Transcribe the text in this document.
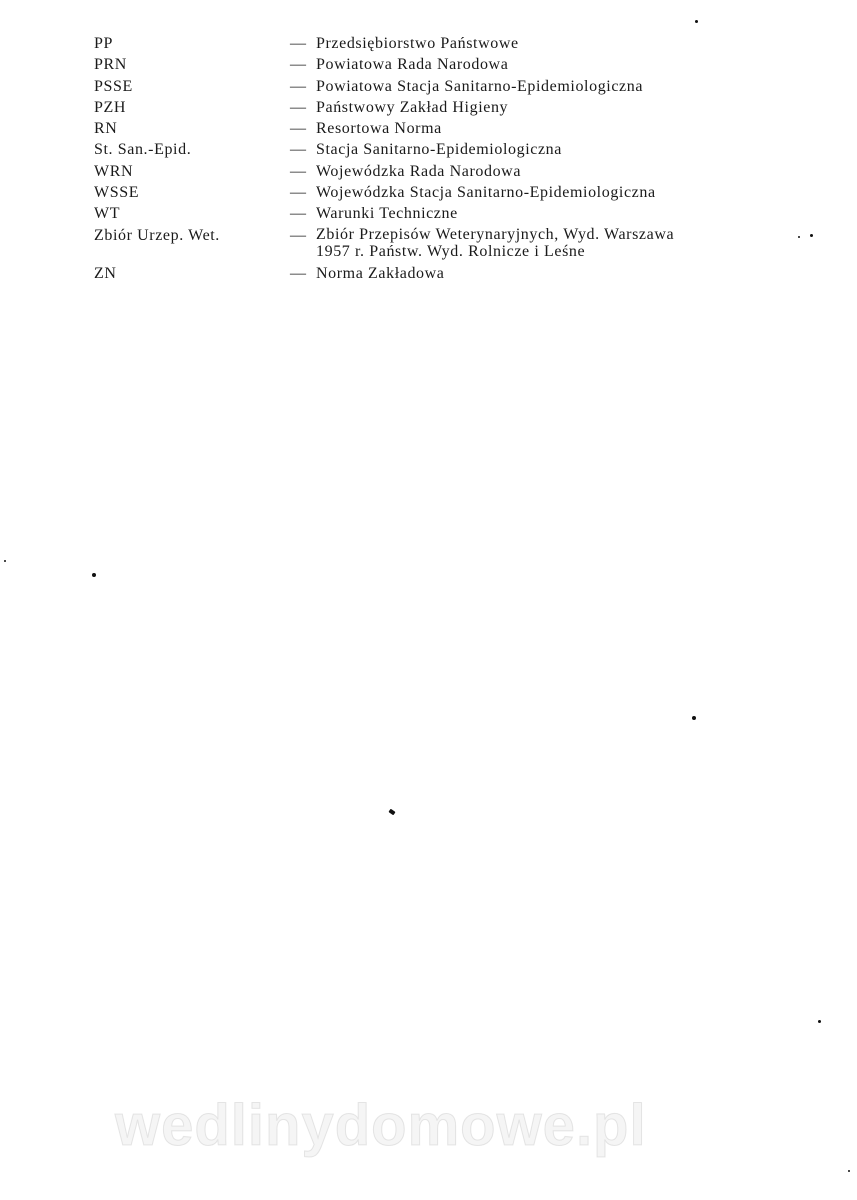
PP	— Przedsiębiorstwo Państwowe
PRN	— Powiatowa Rada Narodowa
PSSE	— Powiatowa Stacja Sanitarno-Epidemiologiczna
PZH	— Państwowy Zakład Higieny
RN	— Resortowa Norma
St. San.-Epid.	— Stacja Sanitarno-Epidemiologiczna
WRN	— Wojewódzka Rada Narodowa
WSSE	— Wojewódzka Stacja Sanitarno-Epidemiologiczna
WT	— Warunki Techniczne
Zbiór Urzep. Wet.	— Zbiór Przepisów Weterynaryjnych, Wyd. Warszawa
1957 r. Państw. Wyd. Rolnicze i Leśne
ZN	— Norma Zakładowa
wedlinydomowe.pl
